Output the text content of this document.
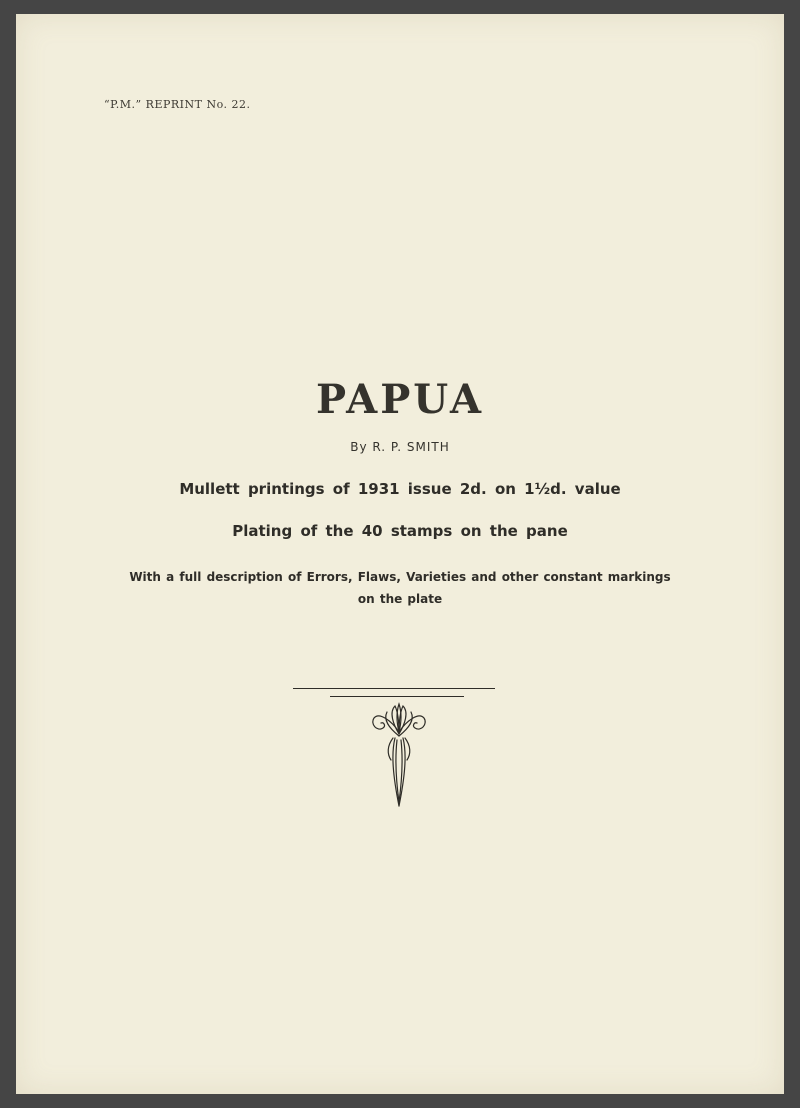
“P.M.” REPRINT No. 22.
PAPUA
By R. P. SMITH
Mullett printings of 1931 issue 2d. on 1½d. value
Plating of the 40 stamps on the pane
With a full description of Errors, Flaws, Varieties and other constant markings
on the plate
